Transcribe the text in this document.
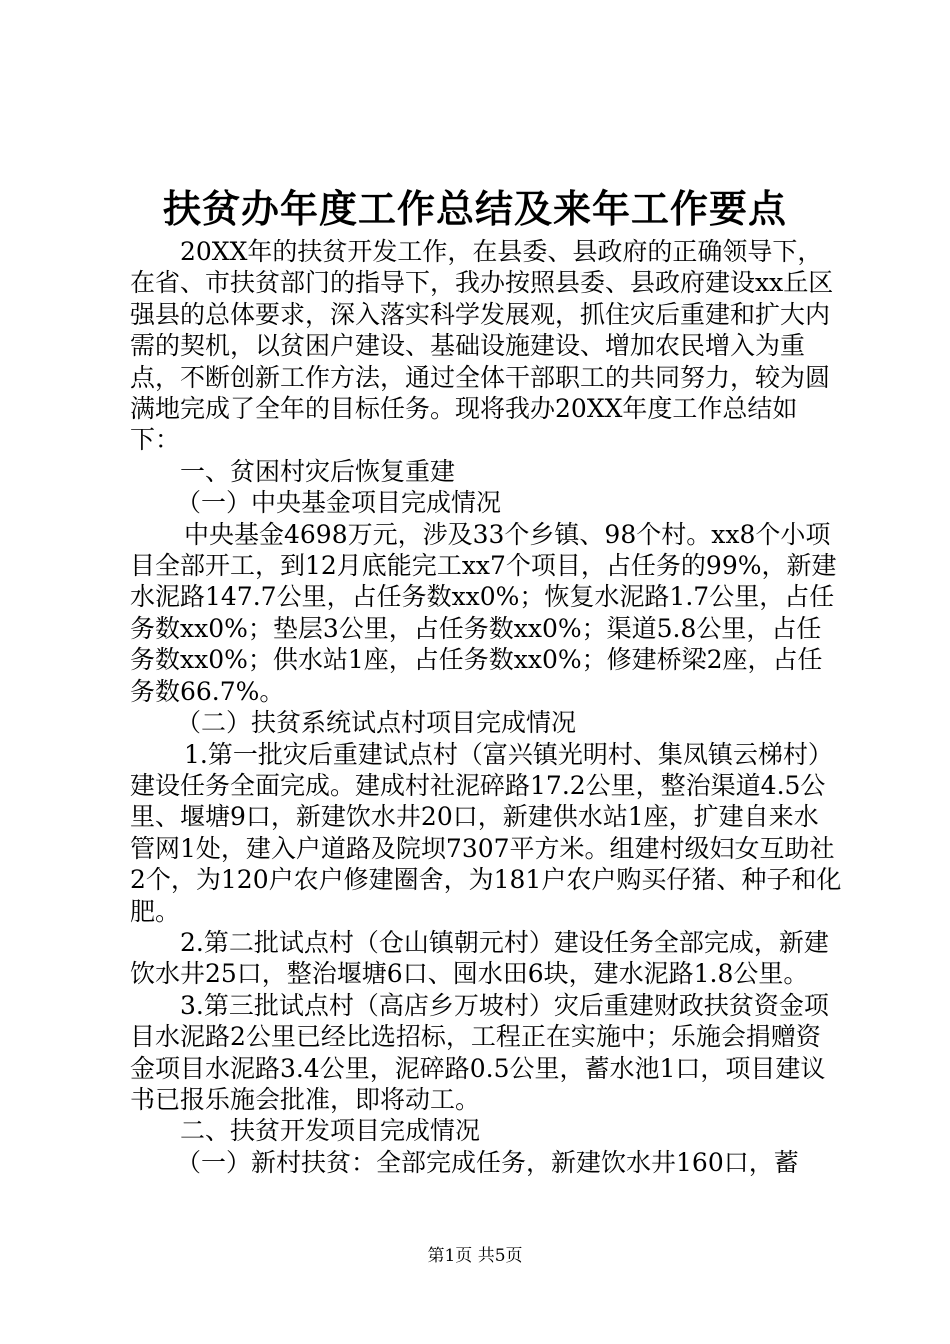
扶贫办年度工作总结及来年工作要点

20XX年的扶贫开发工作，在县委、县政府的正确领导下，在省、市扶贫部门的指导下，我办按照县委、县政府建设xx丘区强县的总体要求，深入落实科学发展观，抓住灾后重建和扩大内需的契机，以贫困户建设、基础设施建设、增加农民增入为重点，不断创新工作方法，通过全体干部职工的共同努力，较为圆满地完成了全年的目标任务。现将我办20XX年度工作总结如下：

一、贫困村灾后恢复重建

（一）中央基金项目完成情况

中央基金4698万元，涉及33个乡镇、98个村。xx8个小项目全部开工，到12月底能完工xx7个项目，占任务的99%，新建水泥路147.7公里，占任务数xx0%；恢复水泥路1.7公里，占任务数xx0%；垫层3公里，占任务数xx0%；渠道5.8公里，占任务数xx0%；供水站1座，占任务数xx0%；修建桥梁2座，占任务数66.7%。

（二）扶贫系统试点村项目完成情况

1.第一批灾后重建试点村（富兴镇光明村、集凤镇云梯村）建设任务全面完成。建成村社泥碎路17.2公里，整治渠道4.5公里、堰塘9口，新建饮水井20口，新建供水站1座，扩建自来水管网1处，建入户道路及院坝7307平方米。组建村级妇女互助社2个，为120户农户修建圈舍，为181户农户购买仔猪、种子和化肥。

2.第二批试点村（仓山镇朝元村）建设任务全部完成，新建饮水井25口，整治堰塘6口、囤水田6块，建水泥路1.8公里。

3.第三批试点村（高店乡万坡村）灾后重建财政扶贫资金项目水泥路2公里已经比选招标，工程正在实施中；乐施会捐赠资金项目水泥路3.4公里，泥碎路0.5公里，蓄水池1口，项目建议书已报乐施会批准，即将动工。

二、扶贫开发项目完成情况

（一）新村扶贫：全部完成任务，新建饮水井160口，蓄

第1页 共5页
